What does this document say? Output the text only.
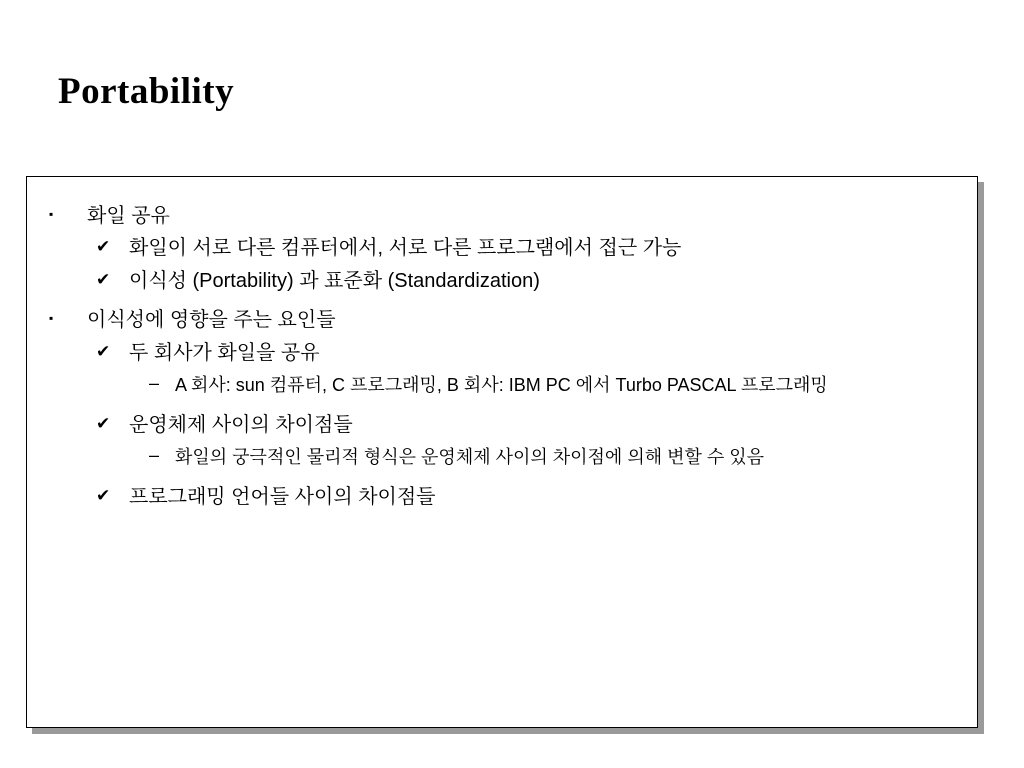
Portability
▪	화일 공유
✔ 화일이 서로 다른 컴퓨터에서, 서로 다른 프로그램에서 접근 가능
✔ 이식성 (Portability) 과 표준화 (Standardization)
▪	이식성에 영향을 주는 요인들
✔ 두 회사가 화일을 공유
– A 회사: sun 컴퓨터, C 프로그래밍, B 회사: IBM PC 에서 Turbo PASCAL 프로그래밍
✔ 운영체제 사이의 차이점들
– 화일의 궁극적인 물리적 형식은 운영체제 사이의 차이점에 의해 변할 수 있음
✔ 프로그래밍 언어들 사이의 차이점들
